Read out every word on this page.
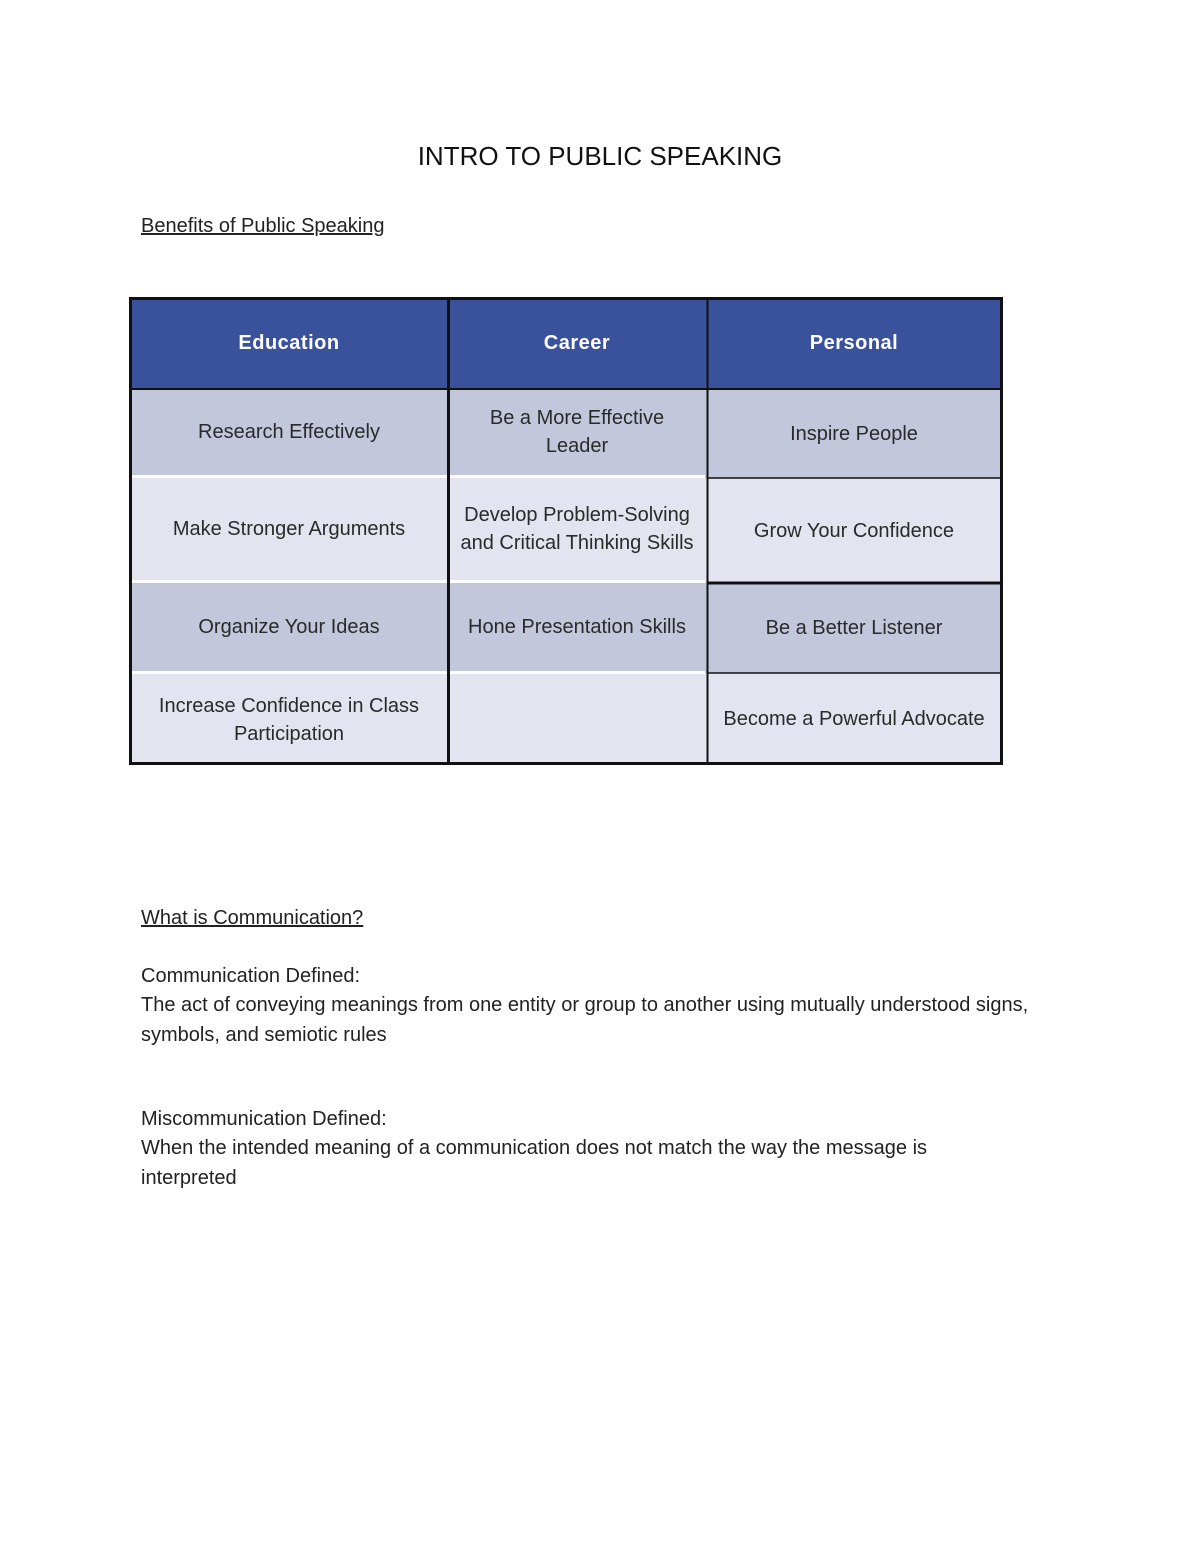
INTRO TO PUBLIC SPEAKING
Benefits of Public Speaking
Education
Research Effectively
Make Stronger Arguments
Organize Your Ideas
Increase Confidence in Class Participation
Career
Be a More Effective Leader
Develop Problem-Solving and Critical Thinking Skills
Hone Presentation Skills
Personal
Inspire People
Grow Your Confidence
Be a Better Listener
Become a Powerful Advocate
What is Communication?

Communication Defined:

The act of conveying meanings from one entity or group to another using mutually understood signs, symbols, and semiotic rules

Miscommunication Defined:

When the intended meaning of a communication does not match the way the message is interpreted
